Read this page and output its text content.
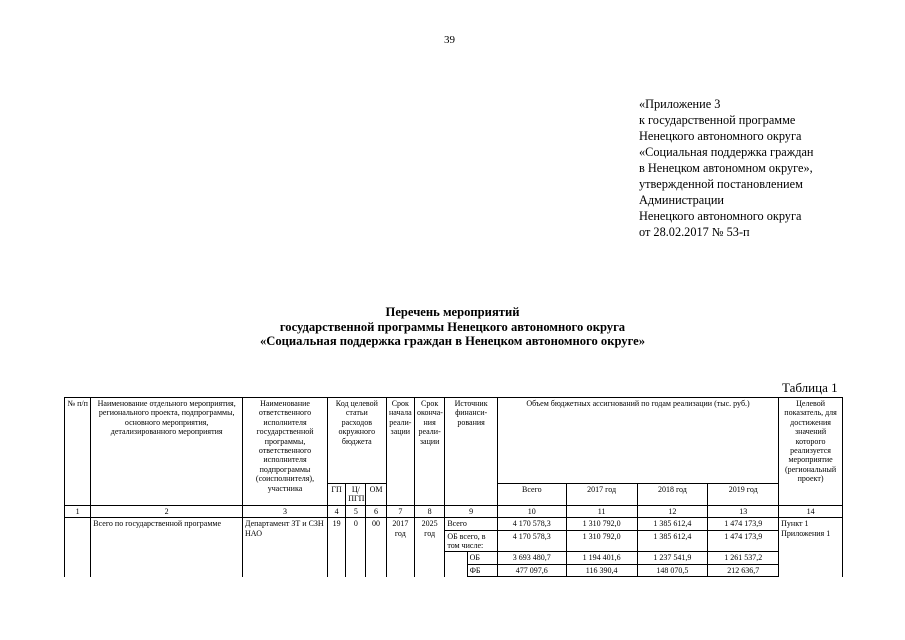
39
«Приложение 3
к государственной программе
Ненецкого автономного округа
«Социальная поддержка граждан
в Ненецком автономном округе»,
утвержденной постановлением
Администрации
Ненецкого автономного округа
от 28.02.2017 № 53-п
Перечень мероприятий
государственной программы Ненецкого автономного округа
«Социальная поддержка граждан в Ненецком автономного округе»
Таблица 1
№ п/п	Наименование отдельного мероприятия, регионального проекта, подпрограммы, основного мероприятия, детализированного мероприятия	Наименование ответственного исполнителя государственной программы, ответственного исполнителя подпрограммы (соисполнителя), участника	Код целевой статьи расходов окружного бюджета			Срок начала реали-зации	Срок оконча-ния реали-зации	Источник финанси-рования		Объем бюджетных ассигнований по годам реализации (тыс. руб.)				Целевой показатель, для достижения значений которого реализуется мероприятие (региональный проект)
			ГП	Ц/ ПГП	ОМ					Всего	2017 год	2018 год	2019 год	
1	2	3	4	5	6	7	8	9		10	11	12	13	14
	Всего по государственной программе	Департамент ЗТ и СЗН НАО	19	0	00	2017 год	2025 год	Всего		4 170 578,3	1 310 792,0	1 385 612,4	1 474 173,9	Пункт 1 Приложения 1
								ОБ всего, в том числе:		4 170 578,3	1 310 792,0	1 385 612,4	1 474 173,9	
									ОБ	3 693 480,7	1 194 401,6	1 237 541,9	1 261 537,2	
									ФБ	477 097,6	116 390,4	148 070,5	212 636,7	
